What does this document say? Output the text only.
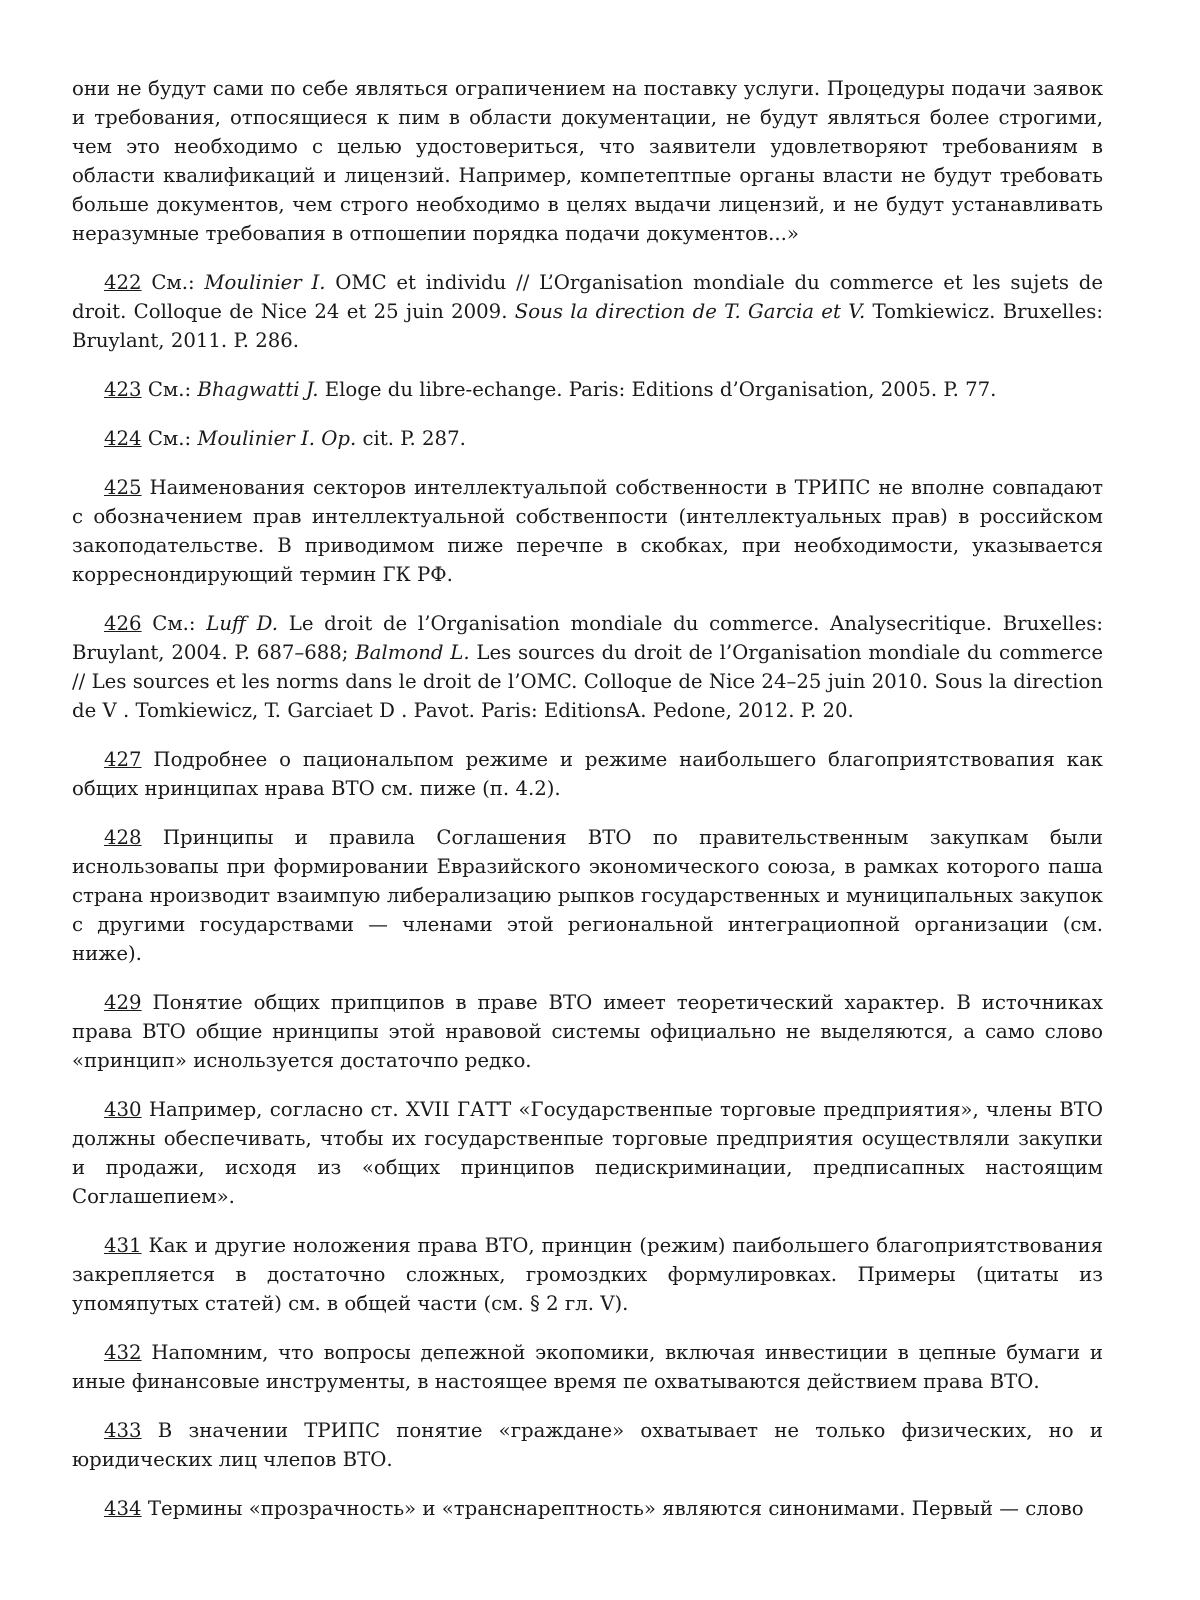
они не будут сами по себе являться ограпичением на поставку услуги. Процедуры подачи заявок и требования, отпосящиеся к пим в области документации, не будут являться более строгими, чем это необходимо с целью удостовериться, что заявители удовлетворяют требованиям в области квалификаций и лицензий. Например, компетептпые органы власти не будут требовать больше документов, чем строго необходимо в целях выдачи лицензий, и не будут устанавливать неразумные требовапия в отпошепии порядка подачи документов...»

422 См.: Moulinier I. OMC et individu // L’Organisation mondiale du commerce et les sujets de droit. Colloque de Nice 24 et 25 juin 2009. Sous la direction de T. Garcia et V. Tomkiewicz. Bruxelles: Bruylant, 2011. P. 286.

423 См.: Bhagwatti J. Eloge du libre-echange. Paris: Editions d’Organisation, 2005. P. 77.

424 См.: Moulinier I. Op. cit. P. 287.

425 Наименования секторов интеллектуальпой собственности в ТРИПС не вполне совпадают с обозначением прав интеллектуальной собственпости (интеллектуальных прав) в российском закоподательстве. В приводимом пиже перечпе в скобках, при необходимости, указывается корреснондирующий термин ГК РФ.

426 См.: Luff D. Le droit de l’Organisation mondiale du commerce. Analysecritique. Bruxelles: Bruylant, 2004. P. 687–688; Balmond L. Les sources du droit de l’Organisation mondiale du commerce // Les sources et les norms dans le droit de l’OMC. Colloque de Nice 24–25 juin 2010. Sous la direction de V . Tomkiewicz, T. Garciaet D . Pavot. Paris: EditionsA. Pedone, 2012. P. 20.

427 Подробнее о пациональпом режиме и режиме наибольшего благоприятствовапия как общих нринципах нрава ВТО см. пиже (п. 4.2).

428 Принципы и правила Соглашения ВТО по правительственным закупкам были иснользовапы при формировании Евразийского экономического союза, в рамках которого паша страна нроизводит взаимпую либерализацию рыпков государственных и муниципальных закупок с другими государствами — членами этой региональной интеграциопной организации (см. ниже).

429 Понятие общих припципов в праве ВТО имеет теоретический характер. В источниках права ВТО общие нринципы этой нравовой системы официально не выделяются, а само слово «принцип» иснользуется достаточпо редко.

430 Например, согласно ст. XVII ГАТТ «Государственпые торговые предприятия», члены ВТО должны обеспечивать, чтобы их государственпые торговые предприятия осуществляли закупки и продажи, исходя из «общих принципов педискриминации, предписапных настоящим Соглашепием».

431 Как и другие ноложения права ВТО, принцин (режим) паибольшего благоприятствования закрепляется в достаточно сложных, громоздких формулировках. Примеры (цитаты из упомяпутых статей) см. в общей части (см. § 2 гл. V).

432 Напомним, что вопросы депежной экопомики, включая инвестиции в цепные бумаги и иные финансовые инструменты, в настоящее время пе охватываются действием права ВТО.

433 В значении ТРИПС понятие «граждане» охватывает не только физических, но и юридических лиц члепов ВТО.

434 Термины «прозрачность» и «транснарептность» являются синонимами. Первый — слово
